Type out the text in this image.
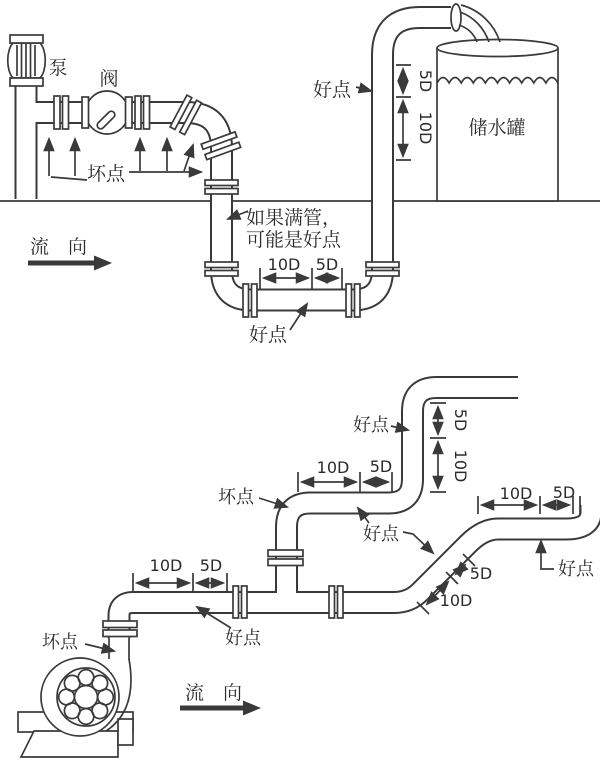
5D
10D
10D 5D
泵 阀
坏点
好点
储水罐
如果满管，
可能是好点
流　向
好点
10D 5D
10D 5D
5D
10D
10D 5D
10D
5D
坏点	好点
流　向
坏点
好点
好点
好点
